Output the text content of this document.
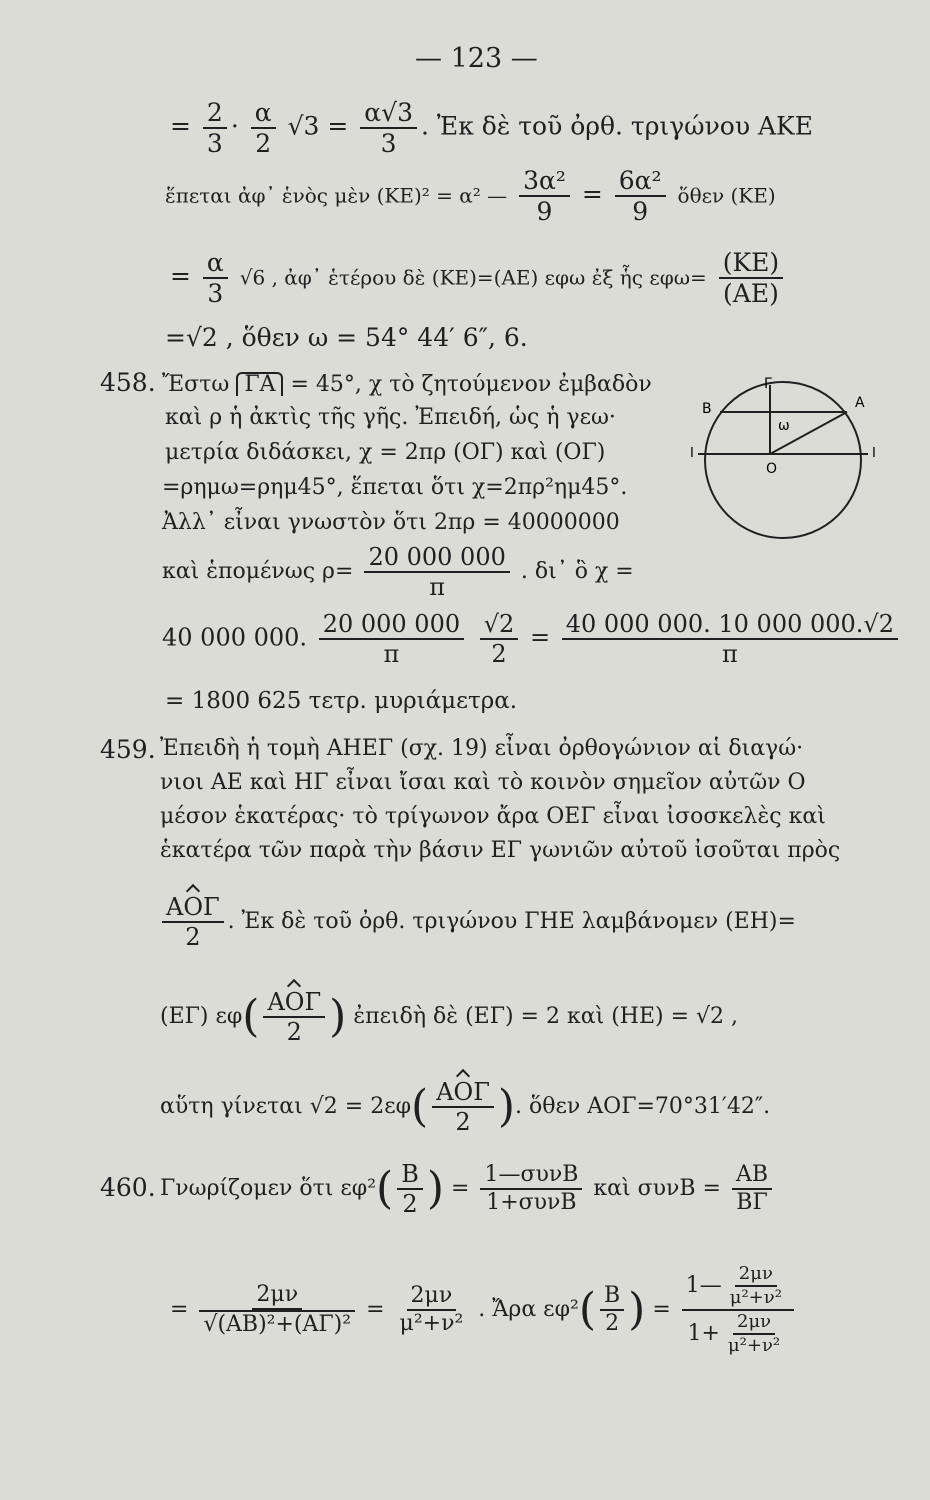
— 123 —
= $\frac{2}{3} \cdot \frac{\alpha}{2} √3 = \frac{\alpha√3}{3}$ . Ἐκ δὲ τοῦ ὀρθ. τριγώνου ΑΚΕ
ἕπεται ἀφ᾽ ἑνὸς μὲν (ΚΕ)² = α² — $\frac{\text{3α²}}{9} = \frac{\text{6α²}}{9}$ ὅθεν (ΚΕ)
= $\frac{\alpha}{3} √6$ , ἀφ᾽ ἑτέρου δὲ (ΚΕ)=(ΑΕ) εφω ἐξ ἧς $\varepsilon\varphi\omega= \frac{(KE)}{(AE)}$
=√2 , ὅθεν ω = 54° 44′ 6″, 6.
458. Ἔστω ΓΑ = 45°, χ τὸ ζητούμενον ἐμβαδὸν
καὶ ρ ἡ ἀκτὶς τῆς γῆς. Ἐπειδή, ὡς ἡ γεω·
μετρία διδάσκει, χ = 2πρ (ΟΓ) καὶ (ΟΓ)
=ρημω=ρημ45°, ἕπεται ὅτι χ=2πρ²ημ45°.
Ἀλλ᾽ εἶναι γνωστὸν ὅτι 2πρ = 40000000
καὶ ἑπομένως $\rho= \frac{20 000 000}{\pi}$ . δι᾽ ὃ χ =
Β
Γ
Α
Ο
ω
Ι	Ι
40 000 000. $\frac{20 000 000}{\pi}$
$\frac{√2}{2} = \frac{40 000 000. 10 000 000.√2}{\pi}$
= 1800 625 τετρ. μυριάμετρα.
459. Ἐπειδὴ ἡ τομὴ ΑΗΕΓ (σχ. 19) εἶναι ὀρθογώνιον αἱ διαγώ·
νιοι ΑΕ καὶ ΗΓ εἶναι ἴσαι καὶ τὸ κοινὸν σημεῖον αὐτῶν Ο
μέσον ἑκατέρας· τὸ τρίγωνον ἄρα ΟΕΓ εἶναι ἰσοσκελὲς καὶ
ἑκατέρα τῶν παρὰ τὴν βάσιν ΕΓ γωνιῶν αὐτοῦ ἰσοῦται πρὸς
$\frac{\text{ΑΟΓ}}{2}$ . Ἐκ δὲ τοῦ ὀρθ. τριγώνου ΓΗΕ λαμβάνομεν (ΕΗ)=
(ΕΓ) $\varepsilon\varphi( \frac{\text{ΑΟΓ}}{2}$ ) ἐπειδὴ δὲ (ΕΓ) = 2 καὶ (ΗΕ) = √2 ,
αὕτη γίνεται $√2 = 2\varepsilon\varphi( \frac{\text{ΑΟΓ}}{2}$ ). ὅθεν ΑΟΓ=70°31′42″.
460. Γνωρίζομεν ὅτι $\varepsilon\varphi^2( \frac{B}{2}$ ) = $\frac{\text{1—συνΒ}}{\text{1+συνΒ}}$ καὶ $\sigma\upsilon\nu B = \frac{AB}{B\Gamma}$
= $\frac{2\mu\nu}{\text{√(ΑΒ)²+(ΑΓ)²}} = \frac{2\mu\nu}{\text{μ²+ν²}}$ . Ἄρα $\varepsilon\varphi^2( \frac{B}{2}$ ) = $\frac{1— \frac{2\mu\nu}{\text{μ²+ν²}}}{1+ \frac{2\mu\nu}{\text{μ²+ν²}}}$
